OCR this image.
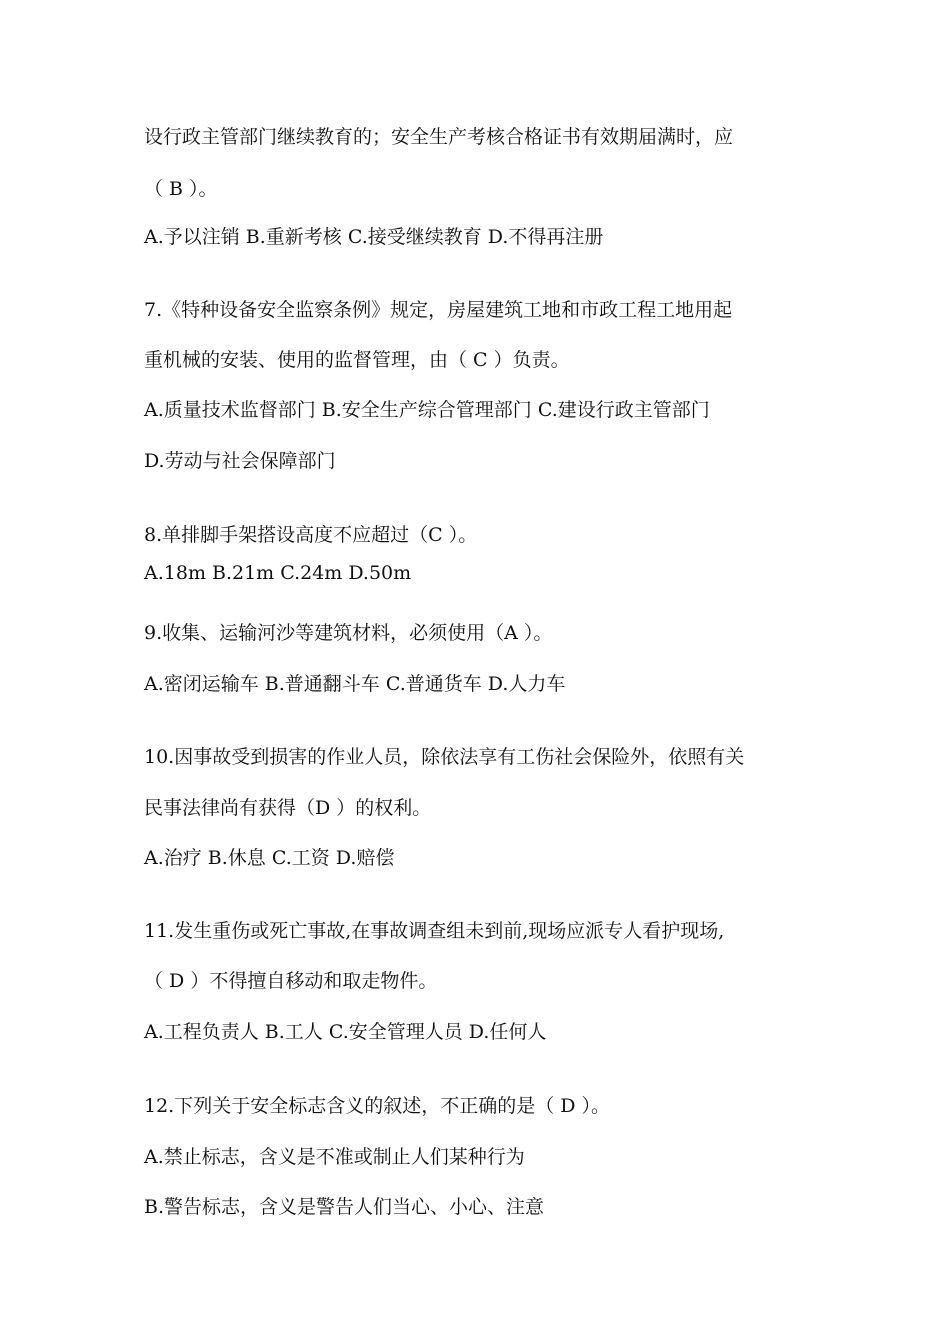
设行政主管部门继续教育的；安全生产考核合格证书有效期届满时，应
（ B ）。
A.予以注销 B.重新考核 C.接受继续教育 D.不得再注册
7.《特种设备安全监察条例》规定，房屋建筑工地和市政工程工地用起
重机械的安装、使用的监督管理，由（ C ）负责。
A.质量技术监督部门 B.安全生产综合管理部门 C.建设行政主管部门
D.劳动与社会保障部门
8.单排脚手架搭设高度不应超过（C ）。
A.18m B.21m C.24m D.50m
9.收集、运输河沙等建筑材料，必须使用（A ）。
A.密闭运输车 B.普通翻斗车 C.普通货车 D.人力车
10.因事故受到损害的作业人员，除依法享有工伤社会保险外，依照有关
民事法律尚有获得（D ）的权利。
A.治疗 B.休息 C.工资 D.赔偿
11.发生重伤或死亡事故,在事故调查组未到前,现场应派专人看护现场,
（ D ）不得擅自移动和取走物件。
A.工程负责人 B.工人 C.安全管理人员 D.任何人
12.下列关于安全标志含义的叙述，不正确的是（ D ）。
A.禁止标志，含义是不准或制止人们某种行为
B.警告标志，含义是警告人们当心、小心、注意
